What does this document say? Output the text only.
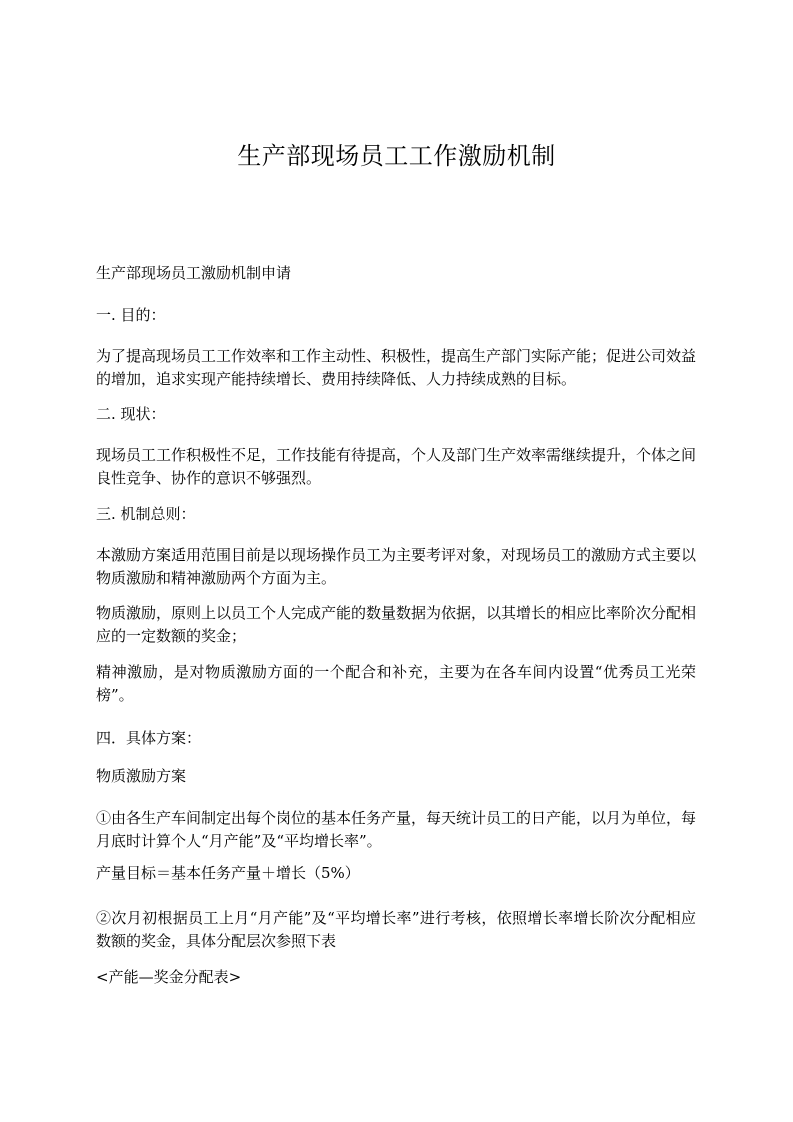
生产部现场员工工作激励机制

生产部现场员工激励机制申请

一. 目的：

为了提高现场员工工作效率和工作主动性、积极性，提高生产部门实际产能；促进公司效益的增加，追求实现产能持续增长、费用持续降低、人力持续成熟的目标。

二. 现状：

现场员工工作积极性不足，工作技能有待提高，个人及部门生产效率需继续提升，个体之间良性竞争、协作的意识不够强烈。

三. 机制总则：

本激励方案适用范围目前是以现场操作员工为主要考评对象，对现场员工的激励方式主要以物质激励和精神激励两个方面为主。

物质激励，原则上以员工个人完成产能的数量数据为依据，以其增长的相应比率阶次分配相应的一定数额的奖金；

精神激励，是对物质激励方面的一个配合和补充，主要为在各车间内设置“优秀员工光荣榜”。

四．具体方案：

物质激励方案

①由各生产车间制定出每个岗位的基本任务产量，每天统计员工的日产能，以月为单位，每月底时计算个人“月产能”及“平均增长率”。

产量目标＝基本任务产量＋增长（5%）

②次月初根据员工上月“月产能”及“平均增长率”进行考核，依照增长率增长阶次分配相应数额的奖金，具体分配层次参照下表

<产能—奖金分配表>
